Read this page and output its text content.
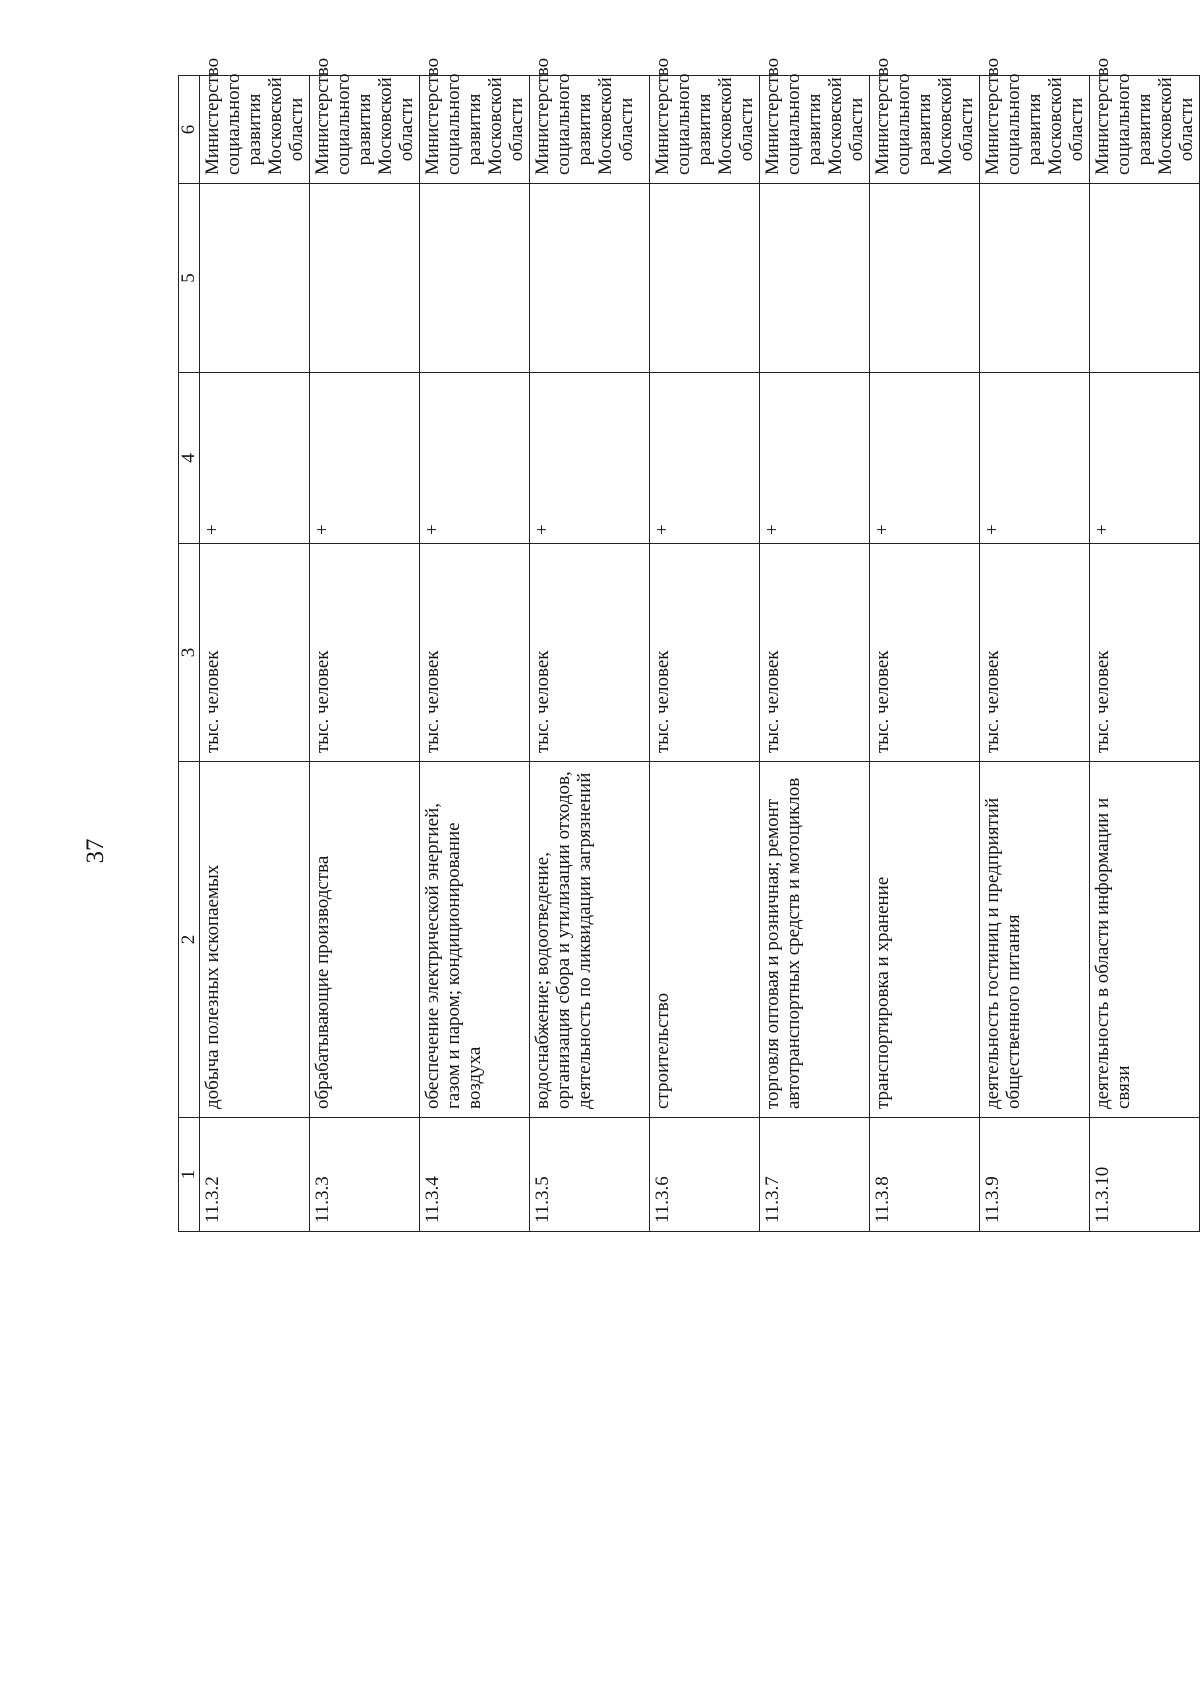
37
1	2	3	4	5	6
11.3.2	добыча полезных ископаемых	тыс. человек	+		Министерство социального развития Московской области

11.3.3	обрабатывающие производства	тыс. человек	+		Министерство социального развития Московской области

11.3.4	обеспечение электрической энергией, газом и паром; кондиционирование воздуха	тыс. человек	+		Министерство социального развития Московской области

11.3.5	водоснабжение; водоотведение, организация сбора и утилизации отходов, деятельность по ликвидации загрязнений	тыс. человек	+		Министерство социального развития Московской области

11.3.6	строительство	тыс. человек	+		Министерство социального развития Московской области

11.3.7	торговля оптовая и розничная; ремонт автотранспортных средств и мотоциклов	тыс. человек	+		Министерство социального развития Московской области

11.3.8	транспортировка и хранение	тыс. человек	+		Министерство социального развития Московской области

11.3.9	деятельность гостиниц и предприятий общественного питания	тыс. человек	+		Министерство социального развития Московской области

11.3.10	деятельность в области информации и связи	тыс. человек	+		Министерство социального развития Московской области
